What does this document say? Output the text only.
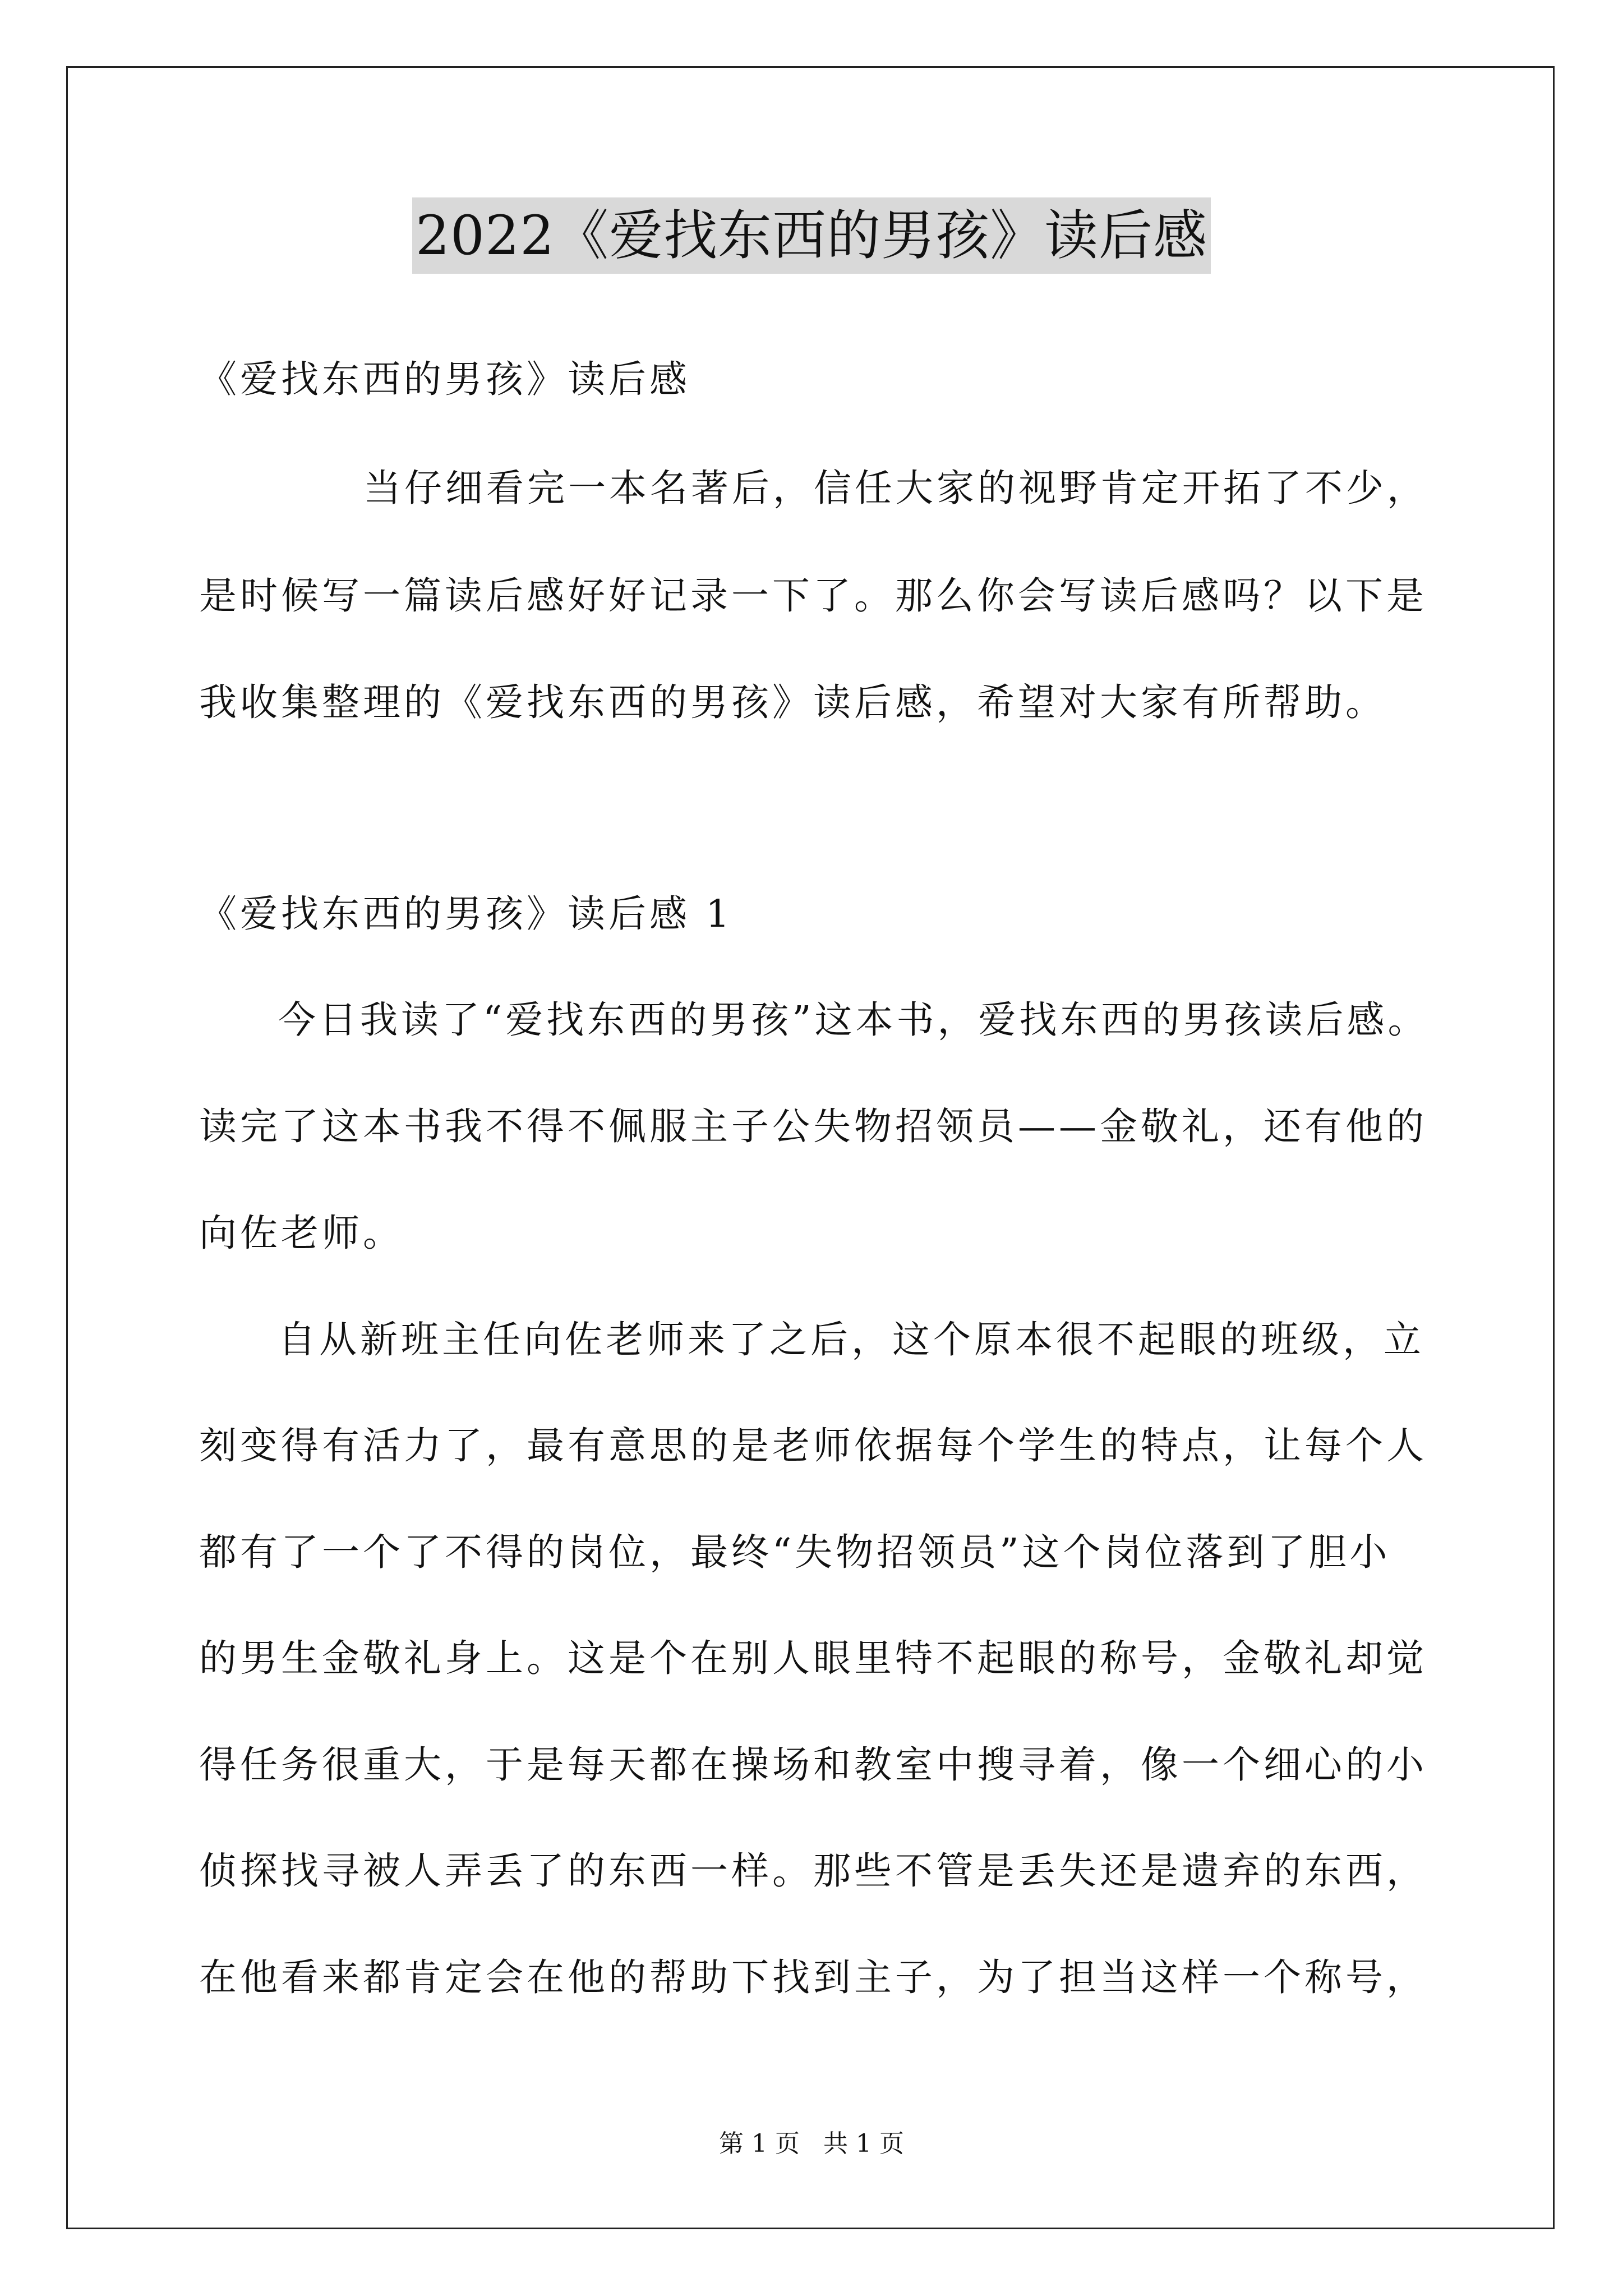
2022《爱找东西的男孩》读后感
《爱找东西的男孩》读后感
当仔细看完一本名著后，信任大家的视野肯定开拓了不少，
是时候写一篇读后感好好记录一下了。那么你会写读后感吗？以下是
我收集整理的《爱找东西的男孩》读后感，希望对大家有所帮助。
《爱找东西的男孩》读后感 1
今日我读了“爱找东西的男孩”这本书，爱找东西的男孩读后感。
读完了这本书我不得不佩服主子公失物招领员——金敬礼，还有他的
向佐老师。
自从新班主任向佐老师来了之后，这个原本很不起眼的班级，立
刻变得有活力了，最有意思的是老师依据每个学生的特点，让每个人
都有了一个了不得的岗位，最终“失物招领员”这个岗位落到了胆小
的男生金敬礼身上。这是个在别人眼里特不起眼的称号，金敬礼却觉
得任务很重大，于是每天都在操场和教室中搜寻着，像一个细心的小
侦探找寻被人弄丢了的东西一样。那些不管是丢失还是遗弃的东西，
在他看来都肯定会在他的帮助下找到主子，为了担当这样一个称号，
第 1 页   共 1 页
